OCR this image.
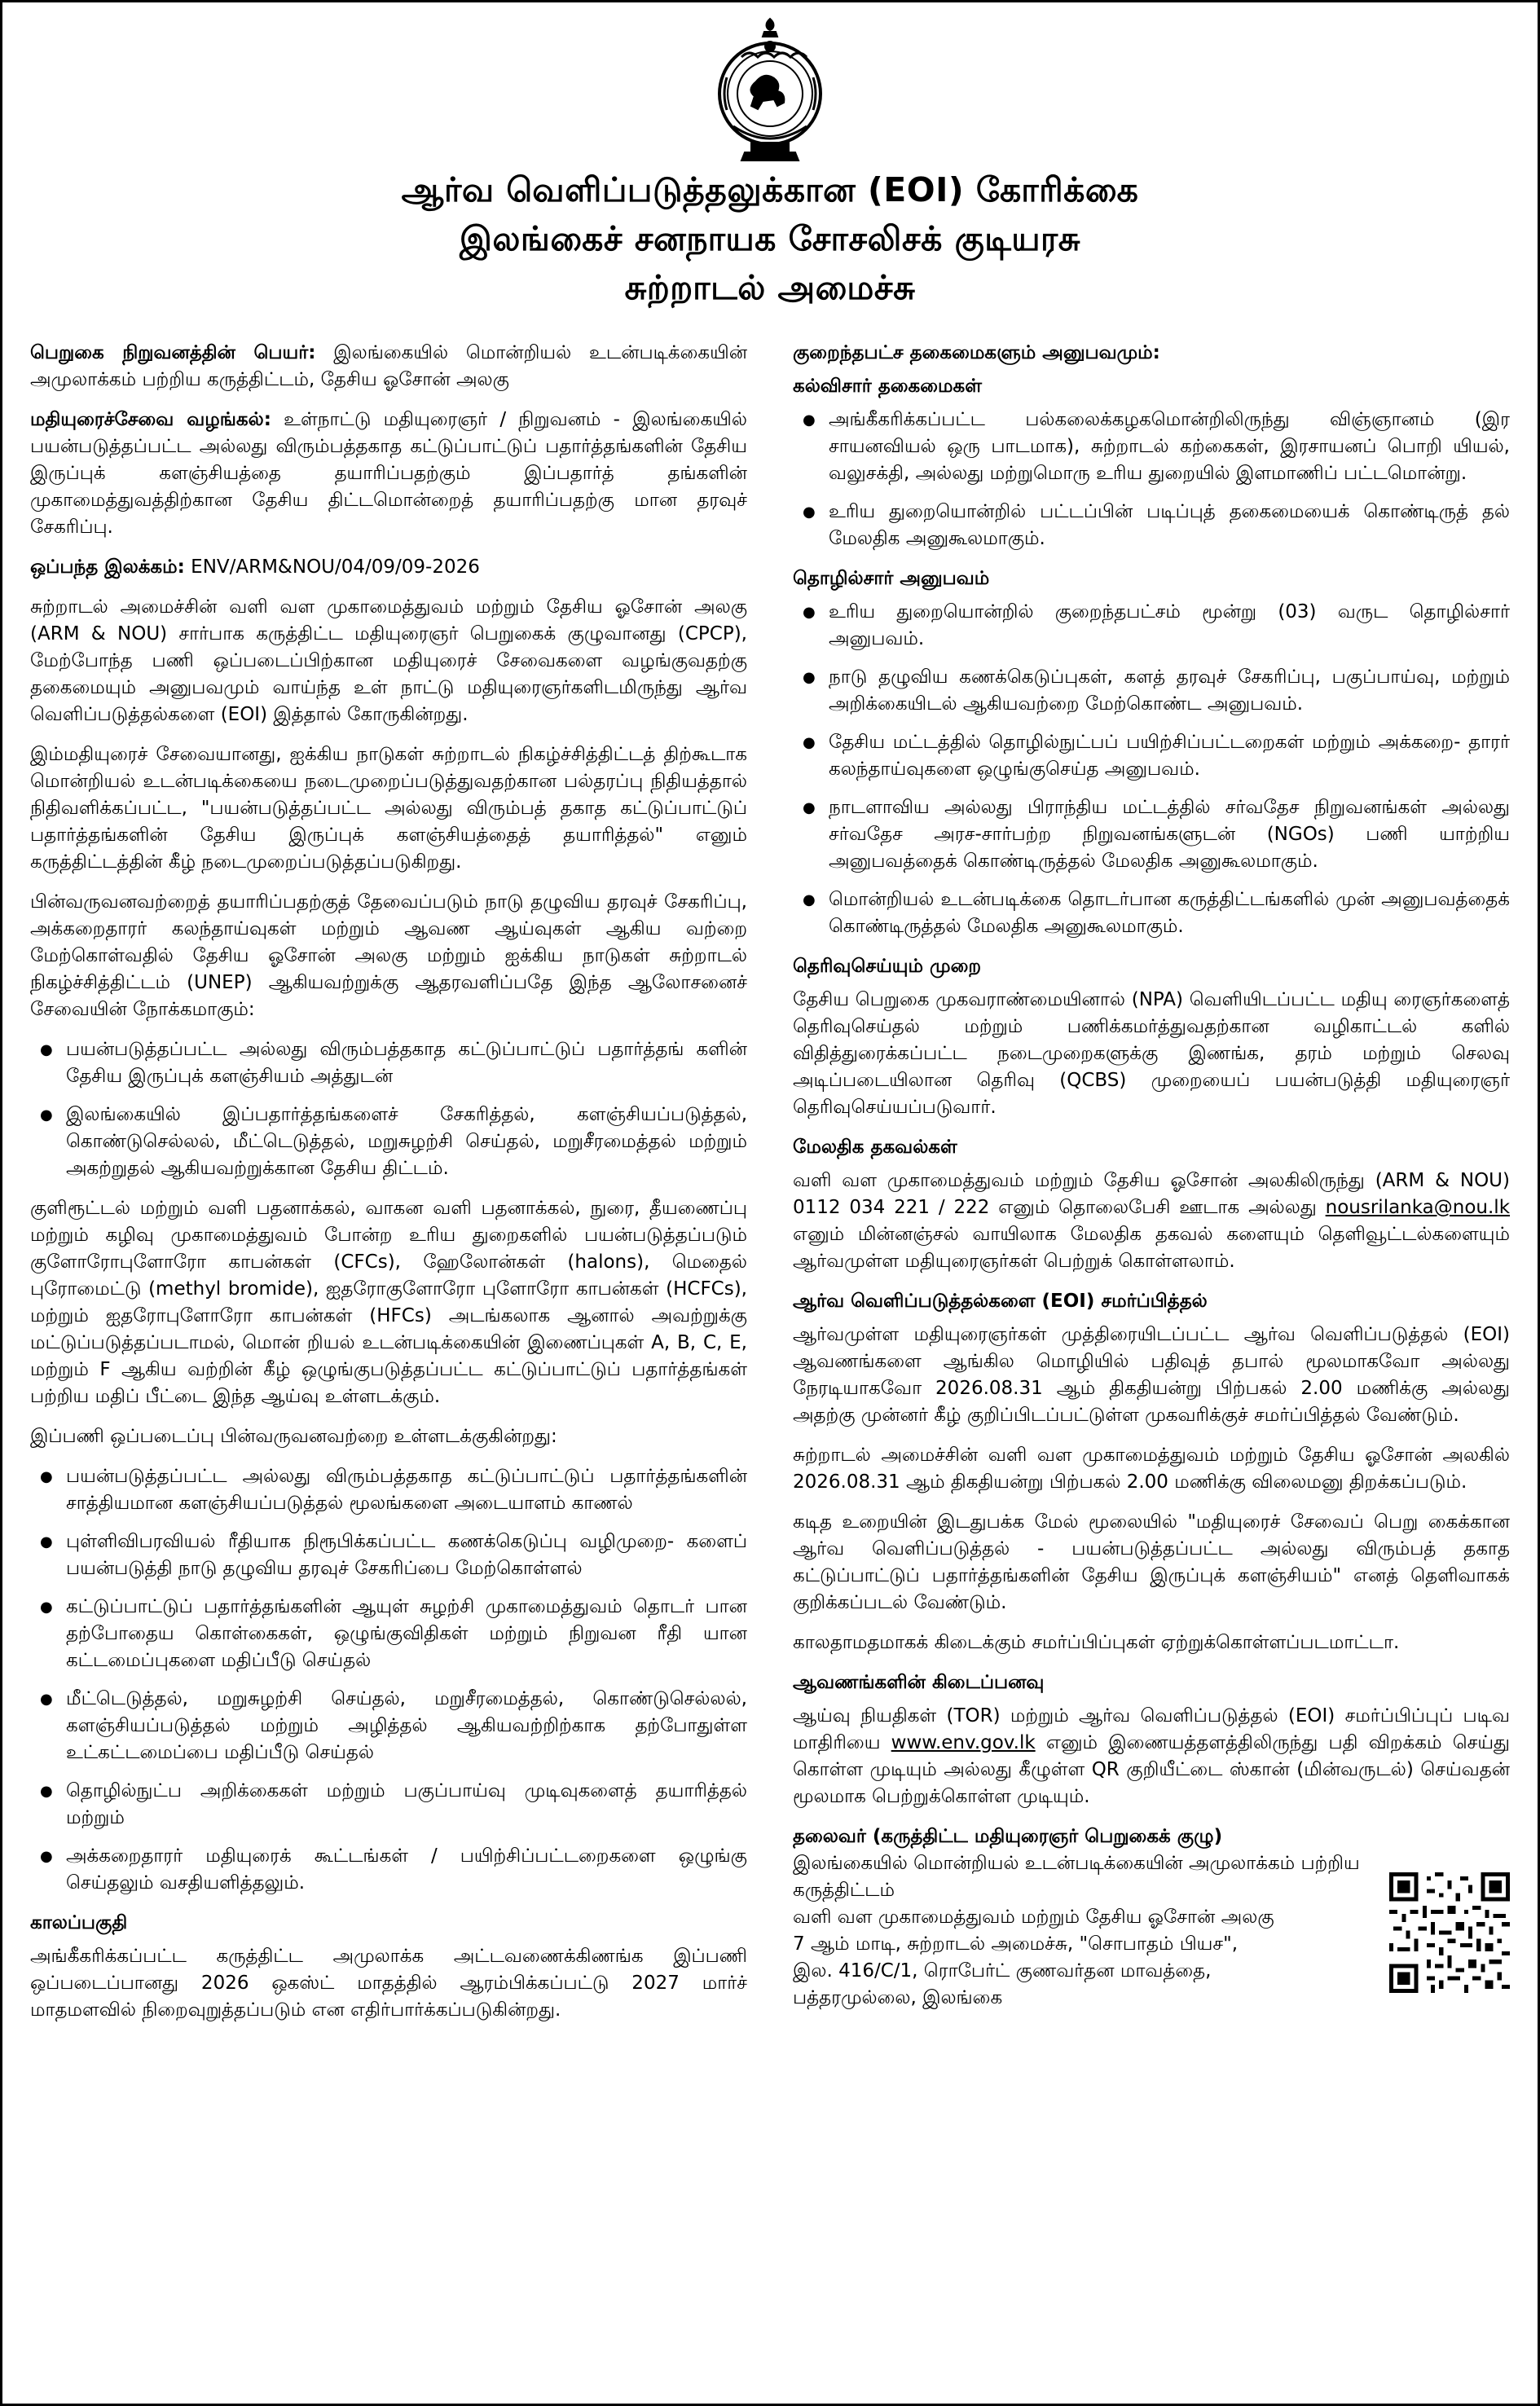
ஆர்வ வெளிப்படுத்தலுக்கான (EOI) கோரிக்கை
இலங்கைச் சனநாயக சோசலிசக் குடியரசு
சுற்றாடல் அமைச்சு

பெறுகை நிறுவனத்தின் பெயர்: இலங்கையில் மொன்றியல் உடன்படிக்கையின் அமுலாக்கம் பற்றிய கருத்திட்டம், தேசிய ஓசோன் அலகு

மதியுரைச்சேவை வழங்கல்: உள்நாட்டு மதியுரைஞர் / நிறுவனம் - இலங்கையில் பயன்படுத்தப்பட்ட அல்லது விரும்பத்தகாத கட்டுப்பாட்டுப் பதார்த்தங்களின் தேசிய இருப்புக் களஞ்சியத்தை தயாரிப்பதற்கும் இப்பதார்த் தங்களின் முகாமைத்துவத்திற்கான தேசிய திட்டமொன்றைத் தயாரிப்பதற்கு மான தரவுச் சேகரிப்பு.

ஒப்பந்த இலக்கம்: ENV/ARM&NOU/04/09/09-2026

சுற்றாடல் அமைச்சின் வளி வள முகாமைத்துவம் மற்றும் தேசிய ஓசோன் அலகு (ARM & NOU) சார்பாக கருத்திட்ட மதியுரைஞர் பெறுகைக் குழுவானது (CPCP), மேற்போந்த பணி ஒப்படைப்பிற்கான மதியுரைச் சேவைகளை வழங்குவதற்கு தகைமையும் அனுபவமும் வாய்ந்த உள் நாட்டு மதியுரைஞர்களிடமிருந்து ஆர்வ வெளிப்படுத்தல்களை (EOI) இத்தால் கோருகின்றது.

இம்மதியுரைச் சேவையானது, ஐக்கிய நாடுகள் சுற்றாடல் நிகழ்ச்சித்திட்டத் திற்கூடாக மொன்றியல் உடன்படிக்கையை நடைமுறைப்படுத்துவதற்கான பல்தரப்பு நிதியத்தால் நிதிவளிக்கப்பட்ட, "பயன்படுத்தப்பட்ட அல்லது விரும்பத் தகாத கட்டுப்பாட்டுப் பதார்த்தங்களின் தேசிய இருப்புக் களஞ்சியத்தைத் தயாரித்தல்" எனும் கருத்திட்டத்தின் கீழ் நடைமுறைப்படுத்தப்படுகிறது.

பின்வருவனவற்றைத் தயாரிப்பதற்குத் தேவைப்படும் நாடு தழுவிய தரவுச் சேகரிப்பு, அக்கறைதாரர் கலந்தாய்வுகள் மற்றும் ஆவண ஆய்வுகள் ஆகிய வற்றை மேற்கொள்வதில் தேசிய ஓசோன் அலகு மற்றும் ஐக்கிய நாடுகள் சுற்றாடல் நிகழ்ச்சித்திட்டம் (UNEP) ஆகியவற்றுக்கு ஆதரவளிப்பதே இந்த ஆலோசனைச் சேவையின் நோக்கமாகும்:

● பயன்படுத்தப்பட்ட அல்லது விரும்பத்தகாத கட்டுப்பாட்டுப் பதார்த்தங் களின் தேசிய இருப்புக் களஞ்சியம் அத்துடன்
● இலங்கையில் இப்பதார்த்தங்களைச் சேகரித்தல், களஞ்சியப்படுத்தல், கொண்டுசெல்லல், மீட்டெடுத்தல், மறுசுழற்சி செய்தல், மறுசீரமைத்தல் மற்றும் அகற்றுதல் ஆகியவற்றுக்கான தேசிய திட்டம்.

குளிரூட்டல் மற்றும் வளி பதனாக்கல், வாகன வளி பதனாக்கல், நுரை, தீயணைப்பு மற்றும் கழிவு முகாமைத்துவம் போன்ற உரிய துறைகளில் பயன்படுத்தப்படும் குளோரோபுளோரோ காபன்கள் (CFCs), ஹேலோன்கள் (halons), மெதைல் புரோமைட்டு (methyl bromide), ஐதரோகுளோரோ புளோரோ காபன்கள் (HCFCs), மற்றும் ஐதரோபுளோரோ காபன்கள் (HFCs) அடங்கலாக ஆனால் அவற்றுக்கு மட்டுப்படுத்தப்படாமல், மொன் றியல் உடன்படிக்கையின் இணைப்புகள் A, B, C, E, மற்றும் F ஆகிய வற்றின் கீழ் ஒழுங்குபடுத்தப்பட்ட கட்டுப்பாட்டுப் பதார்த்தங்கள் பற்றிய மதிப் பீட்டை இந்த ஆய்வு உள்ளடக்கும்.

இப்பணி ஒப்படைப்பு பின்வருவனவற்றை உள்ளடக்குகின்றது:

● பயன்படுத்தப்பட்ட அல்லது விரும்பத்தகாத கட்டுப்பாட்டுப் பதார்த்தங்களின் சாத்தியமான களஞ்சியப்படுத்தல் மூலங்களை அடையாளம் காணல்
● புள்ளிவிபரவியல் ரீதியாக நிரூபிக்கப்பட்ட கணக்கெடுப்பு வழிமுறை- களைப் பயன்படுத்தி நாடு தழுவிய தரவுச் சேகரிப்பை மேற்கொள்ளல்
● கட்டுப்பாட்டுப் பதார்த்தங்களின் ஆயுள் சுழற்சி முகாமைத்துவம் தொடர் பான தற்போதைய கொள்கைகள், ஒழுங்குவிதிகள் மற்றும் நிறுவன ரீதி யான கட்டமைப்புகளை மதிப்பீடு செய்தல்
● மீட்டெடுத்தல், மறுசுழற்சி செய்தல், மறுசீரமைத்தல், கொண்டுசெல்லல், களஞ்சியப்படுத்தல் மற்றும் அழித்தல் ஆகியவற்றிற்காக தற்போதுள்ள உட்கட்டமைப்பை மதிப்பீடு செய்தல்
● தொழில்நுட்ப அறிக்கைகள் மற்றும் பகுப்பாய்வு முடிவுகளைத் தயாரித்தல் மற்றும்
● அக்கறைதாரர் மதியுரைக் கூட்டங்கள் / பயிற்சிப்பட்டறைகளை ஒழுங்கு செய்தலும் வசதியளித்தலும்.
காலப்பகுதி

அங்கீகரிக்கப்பட்ட கருத்திட்ட அமுலாக்க அட்டவணைக்கிணங்க இப்பணி ஒப்படைப்பானது 2026 ஒகஸ்ட் மாதத்தில் ஆரம்பிக்கப்பட்டு 2027 மார்ச் மாதமளவில் நிறைவுறுத்தப்படும் என எதிர்பார்க்கப்படுகின்றது.

குறைந்தபட்ச தகைமைகளும் அனுபவமும்:
கல்விசார் தகைமைகள்
● அங்கீகரிக்கப்பட்ட பல்கலைக்கழகமொன்றிலிருந்து விஞ்ஞானம் (இர சாயனவியல் ஒரு பாடமாக), சுற்றாடல் கற்கைகள், இரசாயனப் பொறி யியல், வலுசக்தி, அல்லது மற்றுமொரு உரிய துறையில் இளமாணிப் பட்டமொன்று.
● உரிய துறையொன்றில் பட்டப்பின் படிப்புத் தகைமையைக் கொண்டிருத் தல் மேலதிக அனுகூலமாகும்.
தொழில்சார் அனுபவம்
● உரிய துறையொன்றில் குறைந்தபட்சம் மூன்று (03) வருட தொழில்சார் அனுபவம்.
● நாடு தழுவிய கணக்கெடுப்புகள், களத் தரவுச் சேகரிப்பு, பகுப்பாய்வு, மற்றும் அறிக்கையிடல் ஆகியவற்றை மேற்கொண்ட அனுபவம்.
● தேசிய மட்டத்தில் தொழில்நுட்பப் பயிற்சிப்பட்டறைகள் மற்றும் அக்கறை- தாரர் கலந்தாய்வுகளை ஒழுங்குசெய்த அனுபவம்.
● நாடளாவிய அல்லது பிராந்திய மட்டத்தில் சர்வதேச நிறுவனங்கள் அல்லது சர்வதேச அரச-சார்பற்ற நிறுவனங்களுடன் (NGOs) பணி யாற்றிய அனுபவத்தைக் கொண்டிருத்தல் மேலதிக அனுகூலமாகும்.
● மொன்றியல் உடன்படிக்கை தொடர்பான கருத்திட்டங்களில் முன் அனுபவத்தைக் கொண்டிருத்தல் மேலதிக அனுகூலமாகும்.
தெரிவுசெய்யும் முறை

தேசிய பெறுகை முகவராண்மையினால் (NPA) வெளியிடப்பட்ட மதியு ரைஞர்களைத் தெரிவுசெய்தல் மற்றும் பணிக்கமர்த்துவதற்கான வழிகாட்டல் களில் விதித்துரைக்கப்பட்ட நடைமுறைகளுக்கு இணங்க, தரம் மற்றும் செலவு அடிப்படையிலான தெரிவு (QCBS) முறையைப் பயன்படுத்தி மதியுரைஞர் தெரிவுசெய்யப்படுவார்.

மேலதிக தகவல்கள்

வளி வள முகாமைத்துவம் மற்றும் தேசிய ஓசோன் அலகிலிருந்து (ARM & NOU) 0112 034 221 / 222 எனும் தொலைபேசி ஊடாக அல்லது nousrilanka@nou.lk எனும் மின்னஞ்சல் வாயிலாக மேலதிக தகவல் களையும் தெளிவூட்டல்களையும் ஆர்வமுள்ள மதியுரைஞர்கள் பெற்றுக் கொள்ளலாம்.

ஆர்வ வெளிப்படுத்தல்களை (EOI) சமர்ப்பித்தல்

ஆர்வமுள்ள மதியுரைஞர்கள் முத்திரையிடப்பட்ட ஆர்வ வெளிப்படுத்தல் (EOI) ஆவணங்களை ஆங்கில மொழியில் பதிவுத் தபால் மூலமாகவோ அல்லது நேரடியாகவோ 2026.08.31 ஆம் திகதியன்று பிற்பகல் 2.00 மணிக்கு அல்லது அதற்கு முன்னர் கீழ் குறிப்பிடப்பட்டுள்ள முகவரிக்குச் சமர்ப்பித்தல் வேண்டும்.

சுற்றாடல் அமைச்சின் வளி வள முகாமைத்துவம் மற்றும் தேசிய ஓசோன் அலகில் 2026.08.31 ஆம் திகதியன்று பிற்பகல் 2.00 மணிக்கு விலைமனு திறக்கப்படும்.

கடித உறையின் இடதுபக்க மேல் மூலையில் "மதியுரைச் சேவைப் பெறு கைக்கான ஆர்வ வெளிப்படுத்தல் - பயன்படுத்தப்பட்ட அல்லது விரும்பத் தகாத கட்டுப்பாட்டுப் பதார்த்தங்களின் தேசிய இருப்புக் களஞ்சியம்" எனத் தெளிவாகக் குறிக்கப்படல் வேண்டும்.

காலதாமதமாகக் கிடைக்கும் சமர்ப்பிப்புகள் ஏற்றுக்கொள்ளப்படமாட்டா.

ஆவணங்களின் கிடைப்பனவு

ஆய்வு நியதிகள் (TOR) மற்றும் ஆர்வ வெளிப்படுத்தல் (EOI) சமர்ப்பிப்புப் படிவ மாதிரியை www.env.gov.lk எனும் இணையத்தளத்திலிருந்து பதி விறக்கம் செய்து கொள்ள முடியும் அல்லது கீழுள்ள QR குறியீட்டை ஸ்கான் (மின்வருடல்) செய்வதன் மூலமாக பெற்றுக்கொள்ள முடியும்.

தலைவர் (கருத்திட்ட மதியுரைஞர் பெறுகைக் குழு)
இலங்கையில் மொன்றியல் உடன்படிக்கையின் அமுலாக்கம் பற்றிய
கருத்திட்டம்
வளி வள முகாமைத்துவம் மற்றும் தேசிய ஓசோன் அலகு
7 ஆம் மாடி, சுற்றாடல் அமைச்சு, "சொபாதம் பியச",
இல. 416/C/1, ரொபேர்ட் குணவர்தன மாவத்தை,
பத்தரமுல்லை, இலங்கை
